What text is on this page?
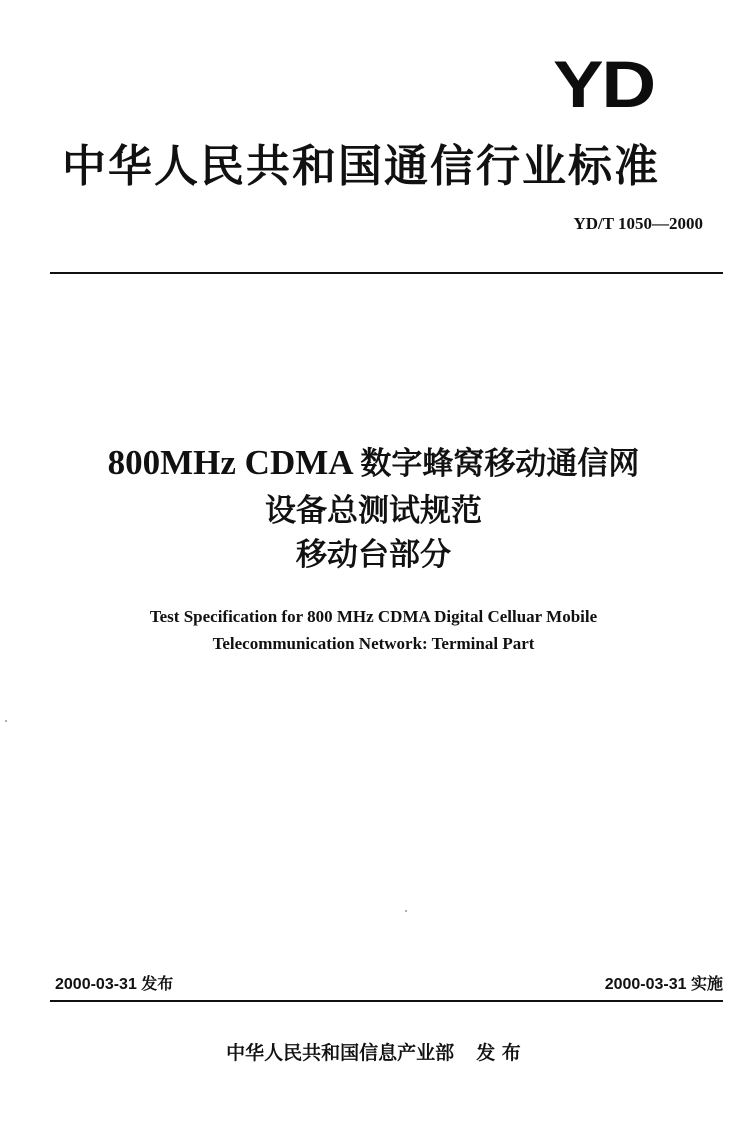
YD
中华人民共和国通信行业标准
YD/T 1050—2000
800MHz CDMA 数字蜂窝移动通信网
设备总测试规范
移动台部分
Test Specification for 800 MHz CDMA Digital Celluar Mobile
Telecommunication Network: Terminal Part
2000-03-31 发布	2000-03-31 实施
中华人民共和国信息产业部 发 布
